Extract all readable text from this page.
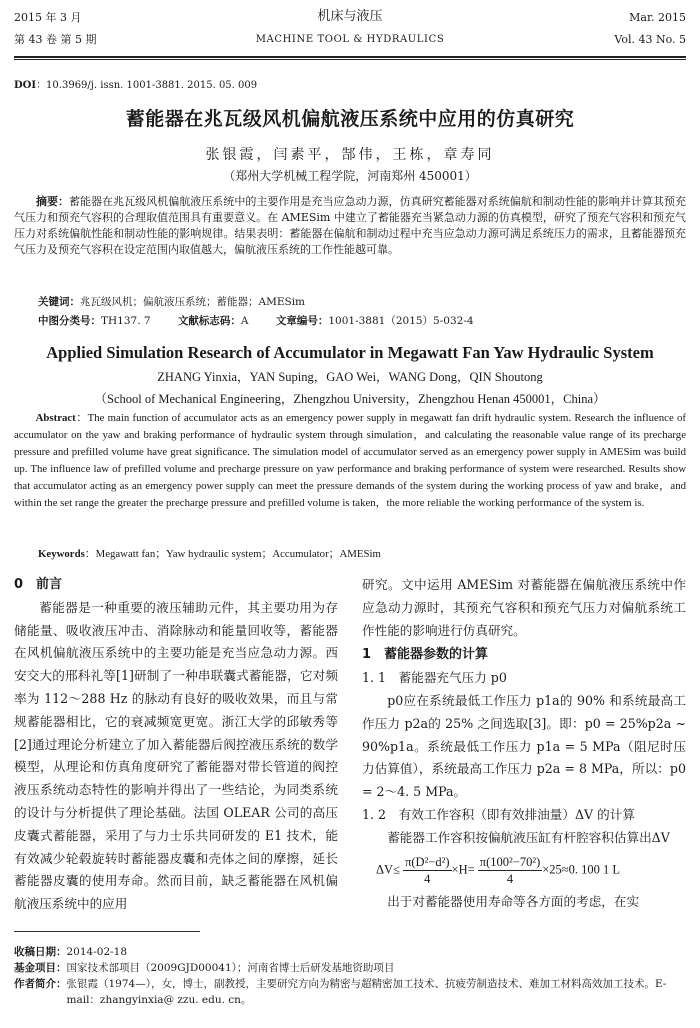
2015 年 3 月
第 43 卷 第 5 期
机床与液压
MACHINE TOOL & HYDRAULICS
Mar. 2015
Vol. 43 No. 5
DOI：10.3969/j. issn. 1001-3881. 2015. 05. 009
蓄能器在兆瓦级风机偏航液压系统中应用的仿真研究
张银霞，闫素平，郜伟，王栋，章寿同
（郑州大学机械工程学院，河南郑州 450001）
摘要：蓄能器在兆瓦级风机偏航液压系统中的主要作用是充当应急动力源，仿真研究蓄能器对系统偏航和制动性能的影响并计算其预充气压力和预充气容积的合理取值范围具有重要意义。在 AMESim 中建立了蓄能器充当紧急动力源的仿真模型，研究了预充气容积和预充气压力对系统偏航性能和制动性能的影响规律。结果表明：蓄能器在偏航和制动过程中充当应急动力源可满足系统压力的需求，且蓄能器预充气压力及预充气容积在设定范围内取值越大，偏航液压系统的工作性能越可靠。
关键词：兆瓦级风机；偏航液压系统；蓄能器；AMESim
中图分类号：TH137. 7	文献标志码：A	文章编号：1001-3881（2015）5-032-4
Applied Simulation Research of Accumulator in Megawatt Fan Yaw Hydraulic System
ZHANG Yinxia，YAN Suping，GAO Wei，WANG Dong，QIN Shoutong
（School of Mechanical Engineering，Zhengzhou University，Zhengzhou Henan 450001，China）
Abstract：The main function of accumulator acts as an emergency power supply in megawatt fan drift hydraulic system. Research the influence of accumulator on the yaw and braking performance of hydraulic system through simulation，and calculating the reasonable value range of its precharge pressure and prefilled volume have great significance. The simulation model of accumulator served as an emergency power supply in AMESim was build up. The influence law of prefilled volume and precharge pressure on yaw performance and braking performance of system were researched. Results show that accumulator acting as an emergency power supply can meet the pressure demands of the system during the working process of yaw and brake，and within the set range the greater the precharge pressure and prefilled volume is taken，the more reliable the working performance of the system is.
Keywords：Megawatt fan；Yaw hydraulic system；Accumulator；AMESim

0　前言

蓄能器是一种重要的液压辅助元件，其主要功用为存储能量、吸收液压冲击、消除脉动和能量回收等，蓄能器在风机偏航液压系统中的主要功能是充当应急动力源。西安交大的邢科礼等[1]研制了一种串联囊式蓄能器，它对频率为 112～288 Hz 的脉动有良好的吸收效果，而且与常规蓄能器相比，它的衰减频宽更宽。浙江大学的邱敏秀等[2]通过理论分析建立了加入蓄能器后阀控液压系统的数学模型，从理论和仿真角度研究了蓄能器对带长管道的阀控液压系统动态特性的影响并得出了一些结论，为同类系统的设计与分析提供了理论基础。法国 OLEAR 公司的高压皮囊式蓄能器，采用了与力士乐共同研发的 E1 技术，能有效减少轮毂旋转时蓄能器皮囊和壳体之间的摩擦，延长蓄能器皮囊的使用寿命。然而目前，缺乏蓄能器在风机偏航液压系统中的应用

研究。文中运用 AMESim 对蓄能器在偏航液压系统中作应急动力源时，其预充气容积和预充气压力对偏航系统工作性能的影响进行仿真研究。

1　蓄能器参数的计算

1. 1　蓄能器充气压力 p0

p0应在系统最低工作压力 p1a的 90% 和系统最高工作压力 p2a的 25% 之间选取[3]。即：p0 = 25%p2a ~ 90%p1a。系统最低工作压力 p1a = 5 MPa（阻尼时压力估算值），系统最高工作压力 p2a = 8 MPa，所以：p0 = 2～4. 5 MPa。

1. 2　有效工作容积（即有效排油量）ΔV 的计算

蓄能器工作容积按偏航液压缸有杆腔容积估算出ΔV

$\Delta V\le \frac{\text{π(D²−d²)}}{4} \times H= \frac{\text{π(100²−70²)}}{4} \times 25\approx 0$. 100 1 L

出于对蓄能器使用寿命等各方面的考虑，在实

收稿日期：2014-02-18
基金项目：国家技术部项目（2009GJD00041）；河南省博士后研发基地资助项目
作者简介： 张银霞（1974—），女，博士，副教授，主要研究方向为精密与超精密加工技术、抗疲劳制造技术、难加工材料高效加工技术。E-mail：zhangyinxia@ zzu. edu. cn。
